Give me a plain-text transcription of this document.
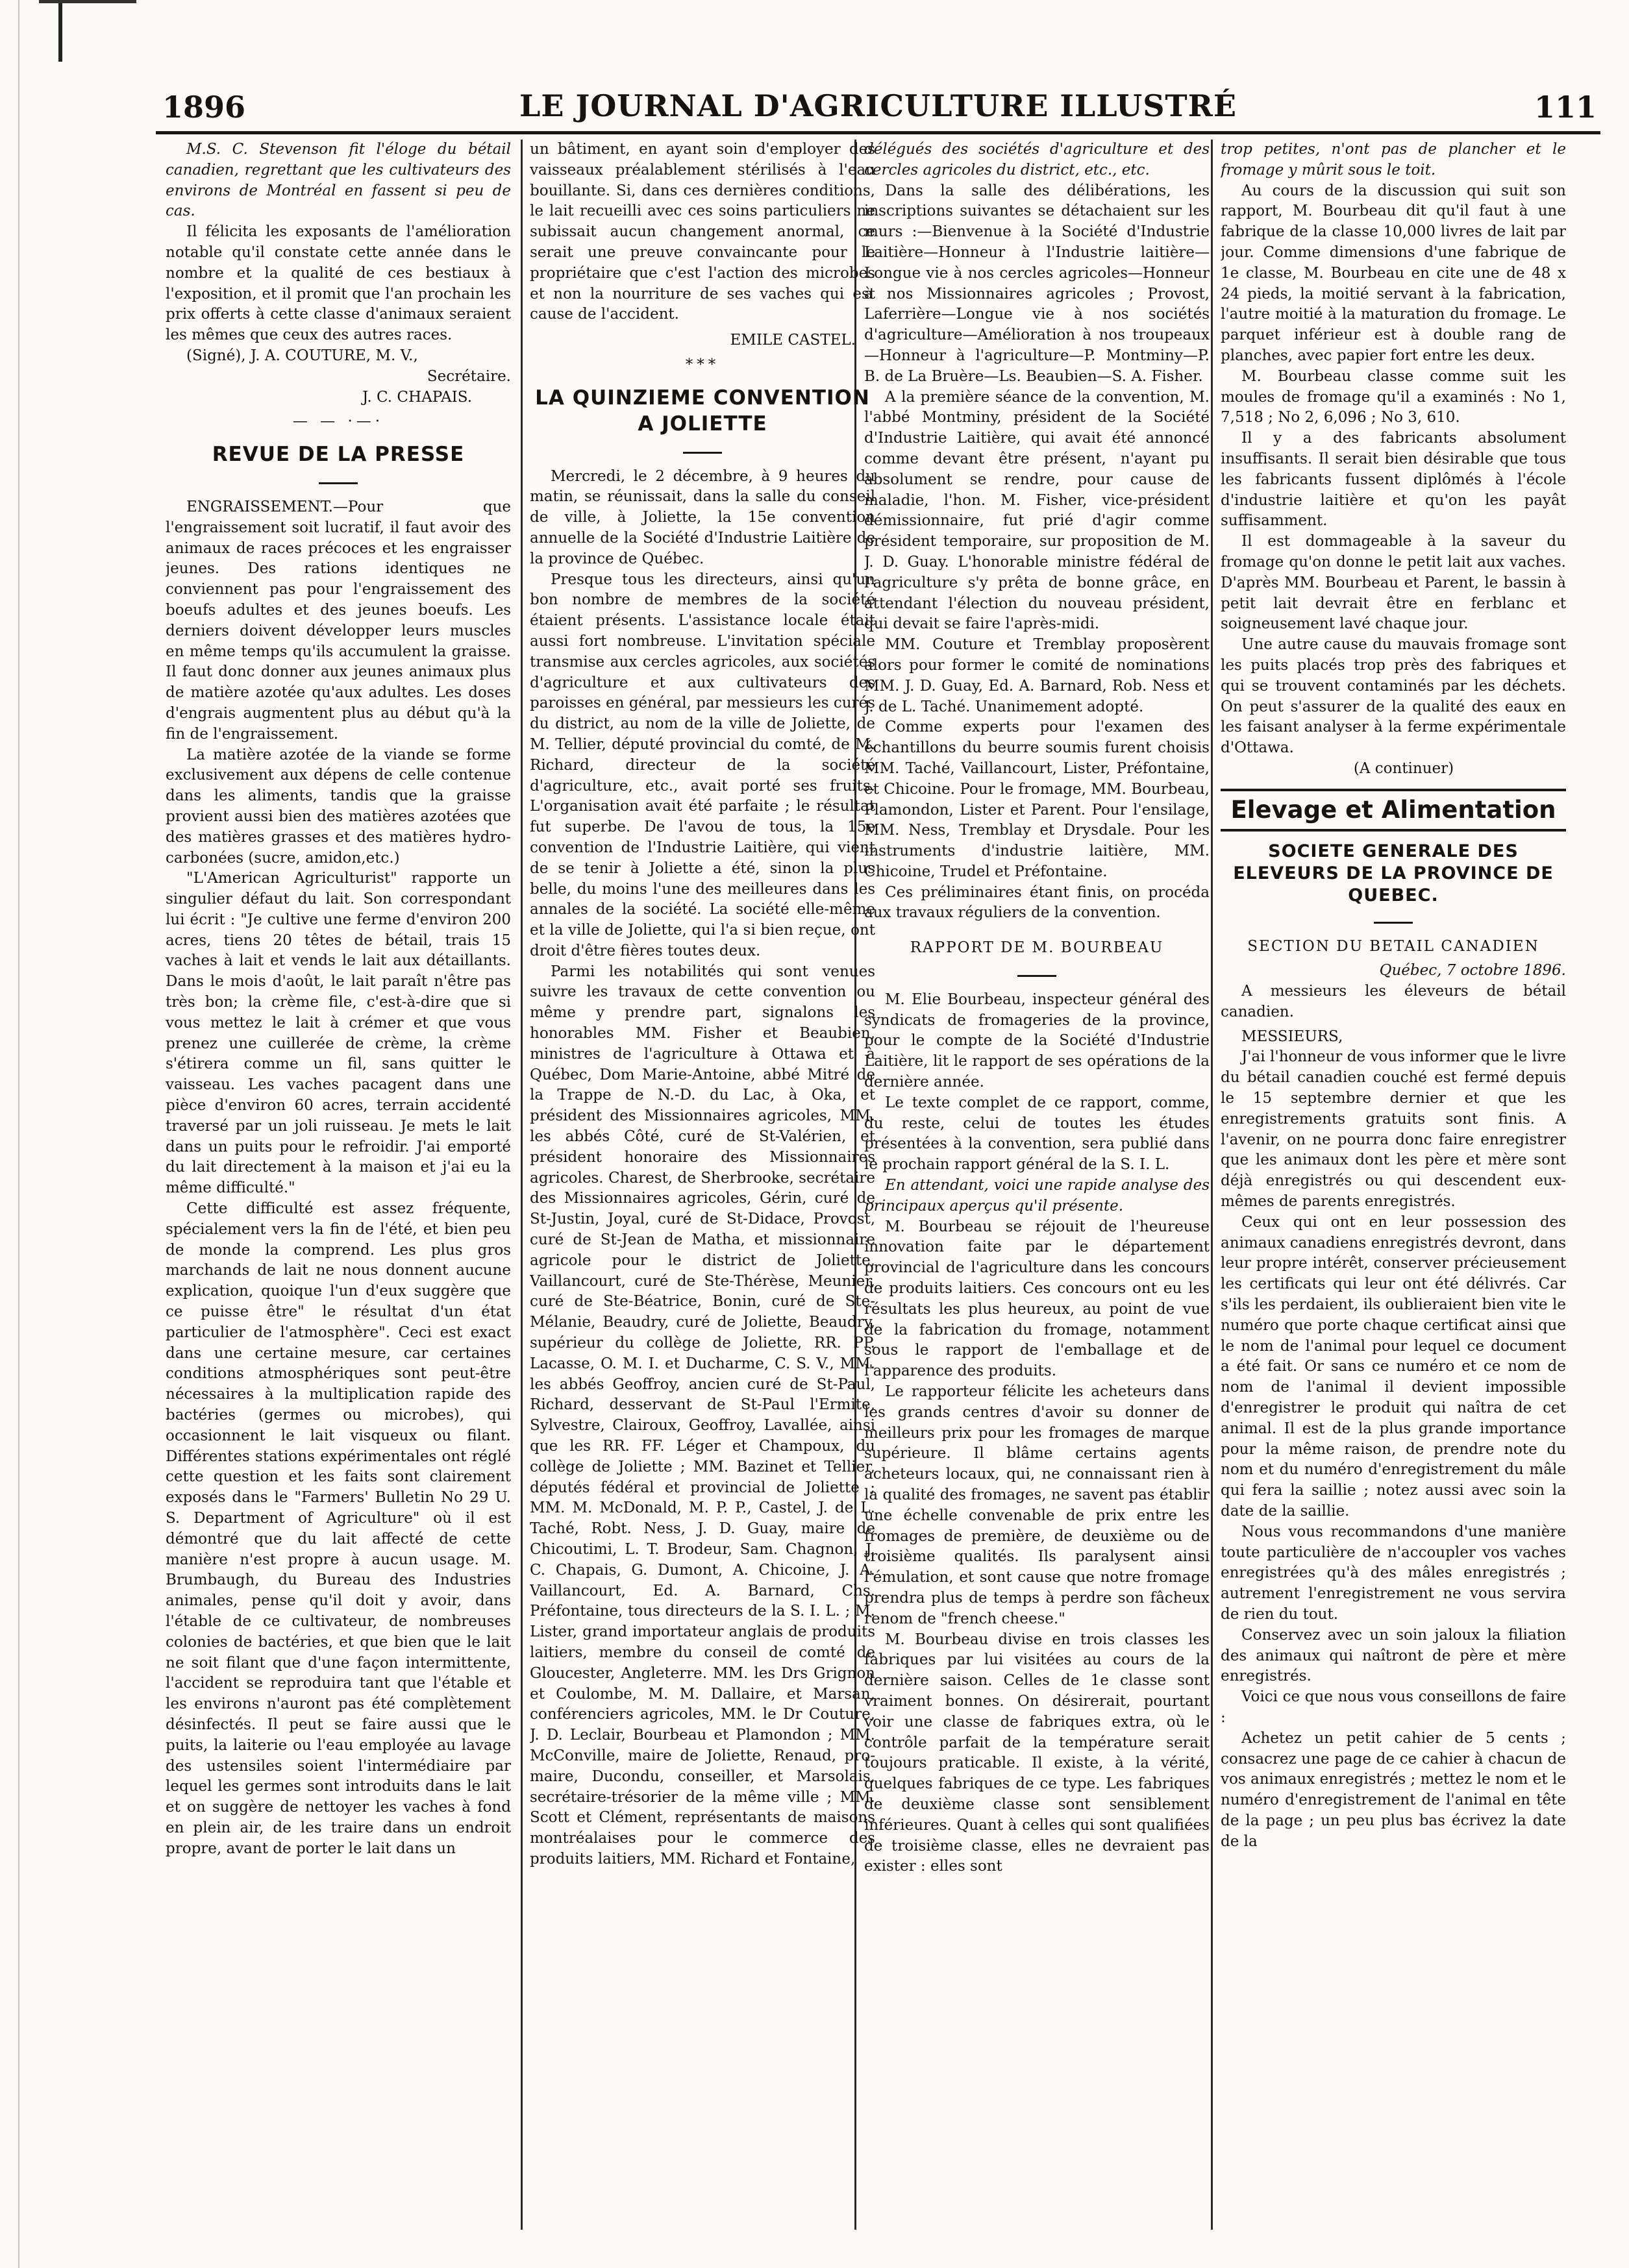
1896	LE JOURNAL D'AGRICULTURE ILLUSTRÉ	111

M.S. C. Stevenson fit l'éloge du bétail canadien, regrettant que les cultivateurs des environs de Montréal en fassent si peu de cas.

Il félicita les exposants de l'amélioration notable qu'il constate cette année dans le nombre et la qualité de ces bestiaux à l'exposition, et il promit que l'an prochain les prix offerts à cette classe d'animaux seraient les mêmes que ceux des autres races.

(Signé), J. A. COUTURE, M. V.,

Secrétaire.

J. C. CHAPAIS.

— — ·—·
REVUE DE LA PRESSE

ENGRAISSEMENT.—Pour que l'engraissement soit lucratif, il faut avoir des animaux de races précoces et les engraisser jeunes. Des rations identiques ne conviennent pas pour l'engraissement des boeufs adultes et des jeunes boeufs. Les derniers doivent développer leurs muscles en même temps qu'ils accumulent la graisse. Il faut donc donner aux jeunes animaux plus de matière azotée qu'aux adultes. Les doses d'engrais augmentent plus au début qu'à la fin de l'engraissement.

La matière azotée de la viande se forme exclusivement aux dépens de celle contenue dans les aliments, tandis que la graisse provient aussi bien des matières azotées que des matières grasses et des matières hydro-carbonées (sucre, amidon,etc.)

"L'American Agriculturist" rapporte un singulier défaut du lait. Son correspondant lui écrit : "Je cultive une ferme d'environ 200 acres, tiens 20 têtes de bétail, trais 15 vaches à lait et vends le lait aux détaillants. Dans le mois d'août, le lait paraît n'être pas très bon; la crème file, c'est-à-dire que si vous mettez le lait à crémer et que vous prenez une cuillerée de crème, la crème s'étirera comme un fil, sans quitter le vaisseau. Les vaches pacagent dans une pièce d'environ 60 acres, terrain accidenté traversé par un joli ruisseau. Je mets le lait dans un puits pour le refroidir. J'ai emporté du lait directement à la maison et j'ai eu la même difficulté."

Cette difficulté est assez fréquente, spécialement vers la fin de l'été, et bien peu de monde la comprend. Les plus gros marchands de lait ne nous donnent aucune explication, quoique l'un d'eux suggère que ce puisse être" le résultat d'un état particulier de l'atmosphère". Ceci est exact dans une certaine mesure, car certaines conditions atmosphériques sont peut-être nécessaires à la multiplication rapide des bactéries (germes ou microbes), qui occasionnent le lait visqueux ou filant. Différentes stations expérimentales ont réglé cette question et les faits sont clairement exposés dans le "Farmers' Bulletin No 29 U. S. Department of Agriculture" où il est démontré que du lait affecté de cette manière n'est propre à aucun usage. M. Brumbaugh, du Bureau des Industries animales, pense qu'il doit y avoir, dans l'étable de ce cultivateur, de nombreuses colonies de bactéries, et que bien que le lait ne soit filant que d'une façon intermittente, l'accident se reproduira tant que l'étable et les environs n'auront pas été complètement désinfectés. Il peut se faire aussi que le puits, la laiterie ou l'eau employée au lavage des ustensiles soient l'intermédiaire par lequel les germes sont introduits dans le lait et on suggère de nettoyer les vaches à fond en plein air, de les traire dans un endroit propre, avant de porter le lait dans un

un bâtiment, en ayant soin d'employer des vaisseaux préalablement stérilisés à l'eau bouillante. Si, dans ces dernières conditions, le lait recueilli avec ces soins particuliers ne subissait aucun changement anormal, ce serait une preuve convaincante pour le propriétaire que c'est l'action des microbes et non la nourriture de ses vaches qui est cause de l'accident.

EMILE CASTEL.

***
LA QUINZIEME CONVENTION A JOLIETTE

Mercredi, le 2 décembre, à 9 heures du matin, se réunissait, dans la salle du conseil de ville, à Joliette, la 15e convention annuelle de la Société d'Industrie Laitière de la province de Québec.

Presque tous les directeurs, ainsi qu'un bon nombre de membres de la société étaient présents. L'assistance locale était aussi fort nombreuse. L'invitation spéciale transmise aux cercles agricoles, aux sociétés d'agriculture et aux cultivateurs des paroisses en général, par messieurs les curés du district, au nom de la ville de Joliette, de M. Tellier, député provincial du comté, de M. Richard, directeur de la société d'agriculture, etc., avait porté ses fruits. L'organisation avait été parfaite ; le résultat fut superbe. De l'avou de tous, la 15e convention de l'Industrie Laitière, qui vient de se tenir à Joliette a été, sinon la plus belle, du moins l'une des meilleures dans les annales de la société. La société elle-même et la ville de Joliette, qui l'a si bien reçue, ont droit d'être fières toutes deux.

Parmi les notabilités qui sont venues suivre les travaux de cette convention ou même y prendre part, signalons les honorables MM. Fisher et Beaubien, ministres de l'agriculture à Ottawa et à Québec, Dom Marie-Antoine, abbé Mitré de la Trappe de N.-D. du Lac, à Oka, et président des Missionnaires agricoles, MM. les abbés Côté, curé de St-Valérien, et président honoraire des Missionnaires agricoles. Charest, de Sherbrooke, secrétaire des Missionnaires agricoles, Gérin, curé de St-Justin, Joyal, curé de St-Didace, Provost, curé de St-Jean de Matha, et missionnaire agricole pour le district de Joliette, Vaillancourt, curé de Ste-Thérèse, Meunier, curé de Ste-Béatrice, Bonin, curé de Ste-Mélanie, Beaudry, curé de Joliette, Beaudry, supérieur du collège de Joliette, RR. PP. Lacasse, O. M. I. et Ducharme, C. S. V., MM. les abbés Geoffroy, ancien curé de St-Paul, Richard, desservant de St-Paul l'Ermite, Sylvestre, Clairoux, Geoffroy, Lavallée, ainsi que les RR. FF. Léger et Champoux, du collège de Joliette ; MM. Bazinet et Tellier, députés fédéral et provincial de Joliette ; MM. M. McDonald, M. P. P., Castel, J. de L. Taché, Robt. Ness, J. D. Guay, maire de Chicoutimi, L. T. Brodeur, Sam. Chagnon, J. C. Chapais, G. Dumont, A. Chicoine, J. A. Vaillancourt, Ed. A. Barnard, Chs. Préfontaine, tous directeurs de la S. I. L. ; M. Lister, grand importateur anglais de produits laitiers, membre du conseil de comté de Gloucester, Angleterre. MM. les Drs Grignon et Coulombe, M. M. Dallaire, et Marsan, conférenciers agricoles, MM. le Dr Couture, J. D. Leclair, Bourbeau et Plamondon ; MM. McConville, maire de Joliette, Renaud, pro-maire, Ducondu, conseiller, et Marsolais, secrétaire-trésorier de la même ville ; MM. Scott et Clément, représentants de maisons montréalaises pour le commerce des produits laitiers, MM. Richard et Fontaine,

délégués des sociétés d'agriculture et des cercles agricoles du district, etc., etc.

Dans la salle des délibérations, les inscriptions suivantes se détachaient sur les murs :—Bienvenue à la Société d'Industrie Laitière—Honneur à l'Industrie laitière—Longue vie à nos cercles agricoles—Honneur à nos Missionnaires agricoles ; Provost, Laferrière—Longue vie à nos sociétés d'agriculture—Amélioration à nos troupeaux—Honneur à l'agriculture—P. Montminy—P. B. de La Bruère—Ls. Beaubien—S. A. Fisher.

A la première séance de la convention, M. l'abbé Montminy, président de la Société d'Industrie Laitière, qui avait été annoncé comme devant être présent, n'ayant pu absolument se rendre, pour cause de maladie, l'hon. M. Fisher, vice-président démissionnaire, fut prié d'agir comme président temporaire, sur proposition de M. J. D. Guay. L'honorable ministre fédéral de l'agriculture s'y prêta de bonne grâce, en attendant l'élection du nouveau président, qui devait se faire l'après-midi.

MM. Couture et Tremblay proposèrent alors pour former le comité de nominations MM. J. D. Guay, Ed. A. Barnard, Rob. Ness et J. de L. Taché. Unanimement adopté.

Comme experts pour l'examen des échantillons du beurre soumis furent choisis MM. Taché, Vaillancourt, Lister, Préfontaine, et Chicoine. Pour le fromage, MM. Bourbeau, Plamondon, Lister et Parent. Pour l'ensilage, MM. Ness, Tremblay et Drysdale. Pour les instruments d'industrie laitière, MM. Chicoine, Trudel et Préfontaine.

Ces préliminaires étant finis, on procéda aux travaux réguliers de la convention.

RAPPORT DE M. BOURBEAU

M. Elie Bourbeau, inspecteur général des syndicats de fromageries de la province, pour le compte de la Société d'Industrie Laitière, lit le rapport de ses opérations de la dernière année.

Le texte complet de ce rapport, comme, du reste, celui de toutes les études présentées à la convention, sera publié dans le prochain rapport général de la S. I. L.

En attendant, voici une rapide analyse des principaux aperçus qu'il présente.

M. Bourbeau se réjouit de l'heureuse innovation faite par le département provincial de l'agriculture dans les concours de produits laitiers. Ces concours ont eu les résultats les plus heureux, au point de vue de la fabrication du fromage, notamment sous le rapport de l'emballage et de l'apparence des produits.

Le rapporteur félicite les acheteurs dans les grands centres d'avoir su donner de meilleurs prix pour les fromages de marque supérieure. Il blâme certains agents acheteurs locaux, qui, ne connaissant rien à la qualité des fromages, ne savent pas établir une échelle convenable de prix entre les fromages de première, de deuxième ou de troisième qualités. Ils paralysent ainsi l'émulation, et sont cause que notre fromage prendra plus de temps à perdre son fâcheux renom de "french cheese."

M. Bourbeau divise en trois classes les fabriques par lui visitées au cours de la dernière saison. Celles de 1e classe sont vraiment bonnes. On désirerait, pourtant voir une classe de fabriques extra, où le contrôle parfait de la température serait toujours praticable. Il existe, à la vérité, quelques fabriques de ce type. Les fabriques de deuxième classe sont sensiblement inférieures. Quant à celles qui sont qualifiées de troisième classe, elles ne devraient pas exister : elles sont

trop petites, n'ont pas de plancher et le fromage y mûrit sous le toit.

Au cours de la discussion qui suit son rapport, M. Bourbeau dit qu'il faut à une fabrique de la classe 10,000 livres de lait par jour. Comme dimensions d'une fabrique de 1e classe, M. Bourbeau en cite une de 48 x 24 pieds, la moitié servant à la fabrication, l'autre moitié à la maturation du fromage. Le parquet inférieur est à double rang de planches, avec papier fort entre les deux.

M. Bourbeau classe comme suit les moules de fromage qu'il a examinés : No 1, 7,518 ; No 2, 6,096 ; No 3, 610.

Il y a des fabricants absolument insuffisants. Il serait bien désirable que tous les fabricants fussent diplômés à l'école d'industrie laitière et qu'on les payât suffisamment.

Il est dommageable à la saveur du fromage qu'on donne le petit lait aux vaches. D'après MM. Bourbeau et Parent, le bassin à petit lait devrait être en ferblanc et soigneusement lavé chaque jour.

Une autre cause du mauvais fromage sont les puits placés trop près des fabriques et qui se trouvent contaminés par les déchets. On peut s'assurer de la qualité des eaux en les faisant analyser à la ferme expérimentale d'Ottawa.

(A continuer)

Elevage et Alimentation
SOCIETE GENERALE DES ELEVEURS DE LA PROVINCE DE QUEBEC.
SECTION DU BETAIL CANADIEN

Québec, 7 octobre 1896.

A messieurs les éleveurs de bétail canadien.

MESSIEURS,

J'ai l'honneur de vous informer que le livre du bétail canadien couché est fermé depuis le 15 septembre dernier et que les enregistrements gratuits sont finis. A l'avenir, on ne pourra donc faire enregistrer que les animaux dont les père et mère sont déjà enregistrés ou qui descendent eux-mêmes de parents enregistrés.

Ceux qui ont en leur possession des animaux canadiens enregistrés devront, dans leur propre intérêt, conserver précieusement les certificats qui leur ont été délivrés. Car s'ils les perdaient, ils oublieraient bien vite le numéro que porte chaque certificat ainsi que le nom de l'animal pour lequel ce document a été fait. Or sans ce numéro et ce nom de nom de l'animal il devient impossible d'enregistrer le produit qui naîtra de cet animal. Il est de la plus grande importance pour la même raison, de prendre note du nom et du numéro d'enregistrement du mâle qui fera la saillie ; notez aussi avec soin la date de la saillie.

Nous vous recommandons d'une manière toute particulière de n'accoupler vos vaches enregistrées qu'à des mâles enregistrés ; autrement l'enregistrement ne vous servira de rien du tout.

Conservez avec un soin jaloux la filiation des animaux qui naîtront de père et mère enregistrés.

Voici ce que nous vous conseillons de faire :

Achetez un petit cahier de 5 cents ; consacrez une page de ce cahier à chacun de vos animaux enregistrés ; mettez le nom et le numéro d'enregistrement de l'animal en tête de la page ; un peu plus bas écrivez la date de la
